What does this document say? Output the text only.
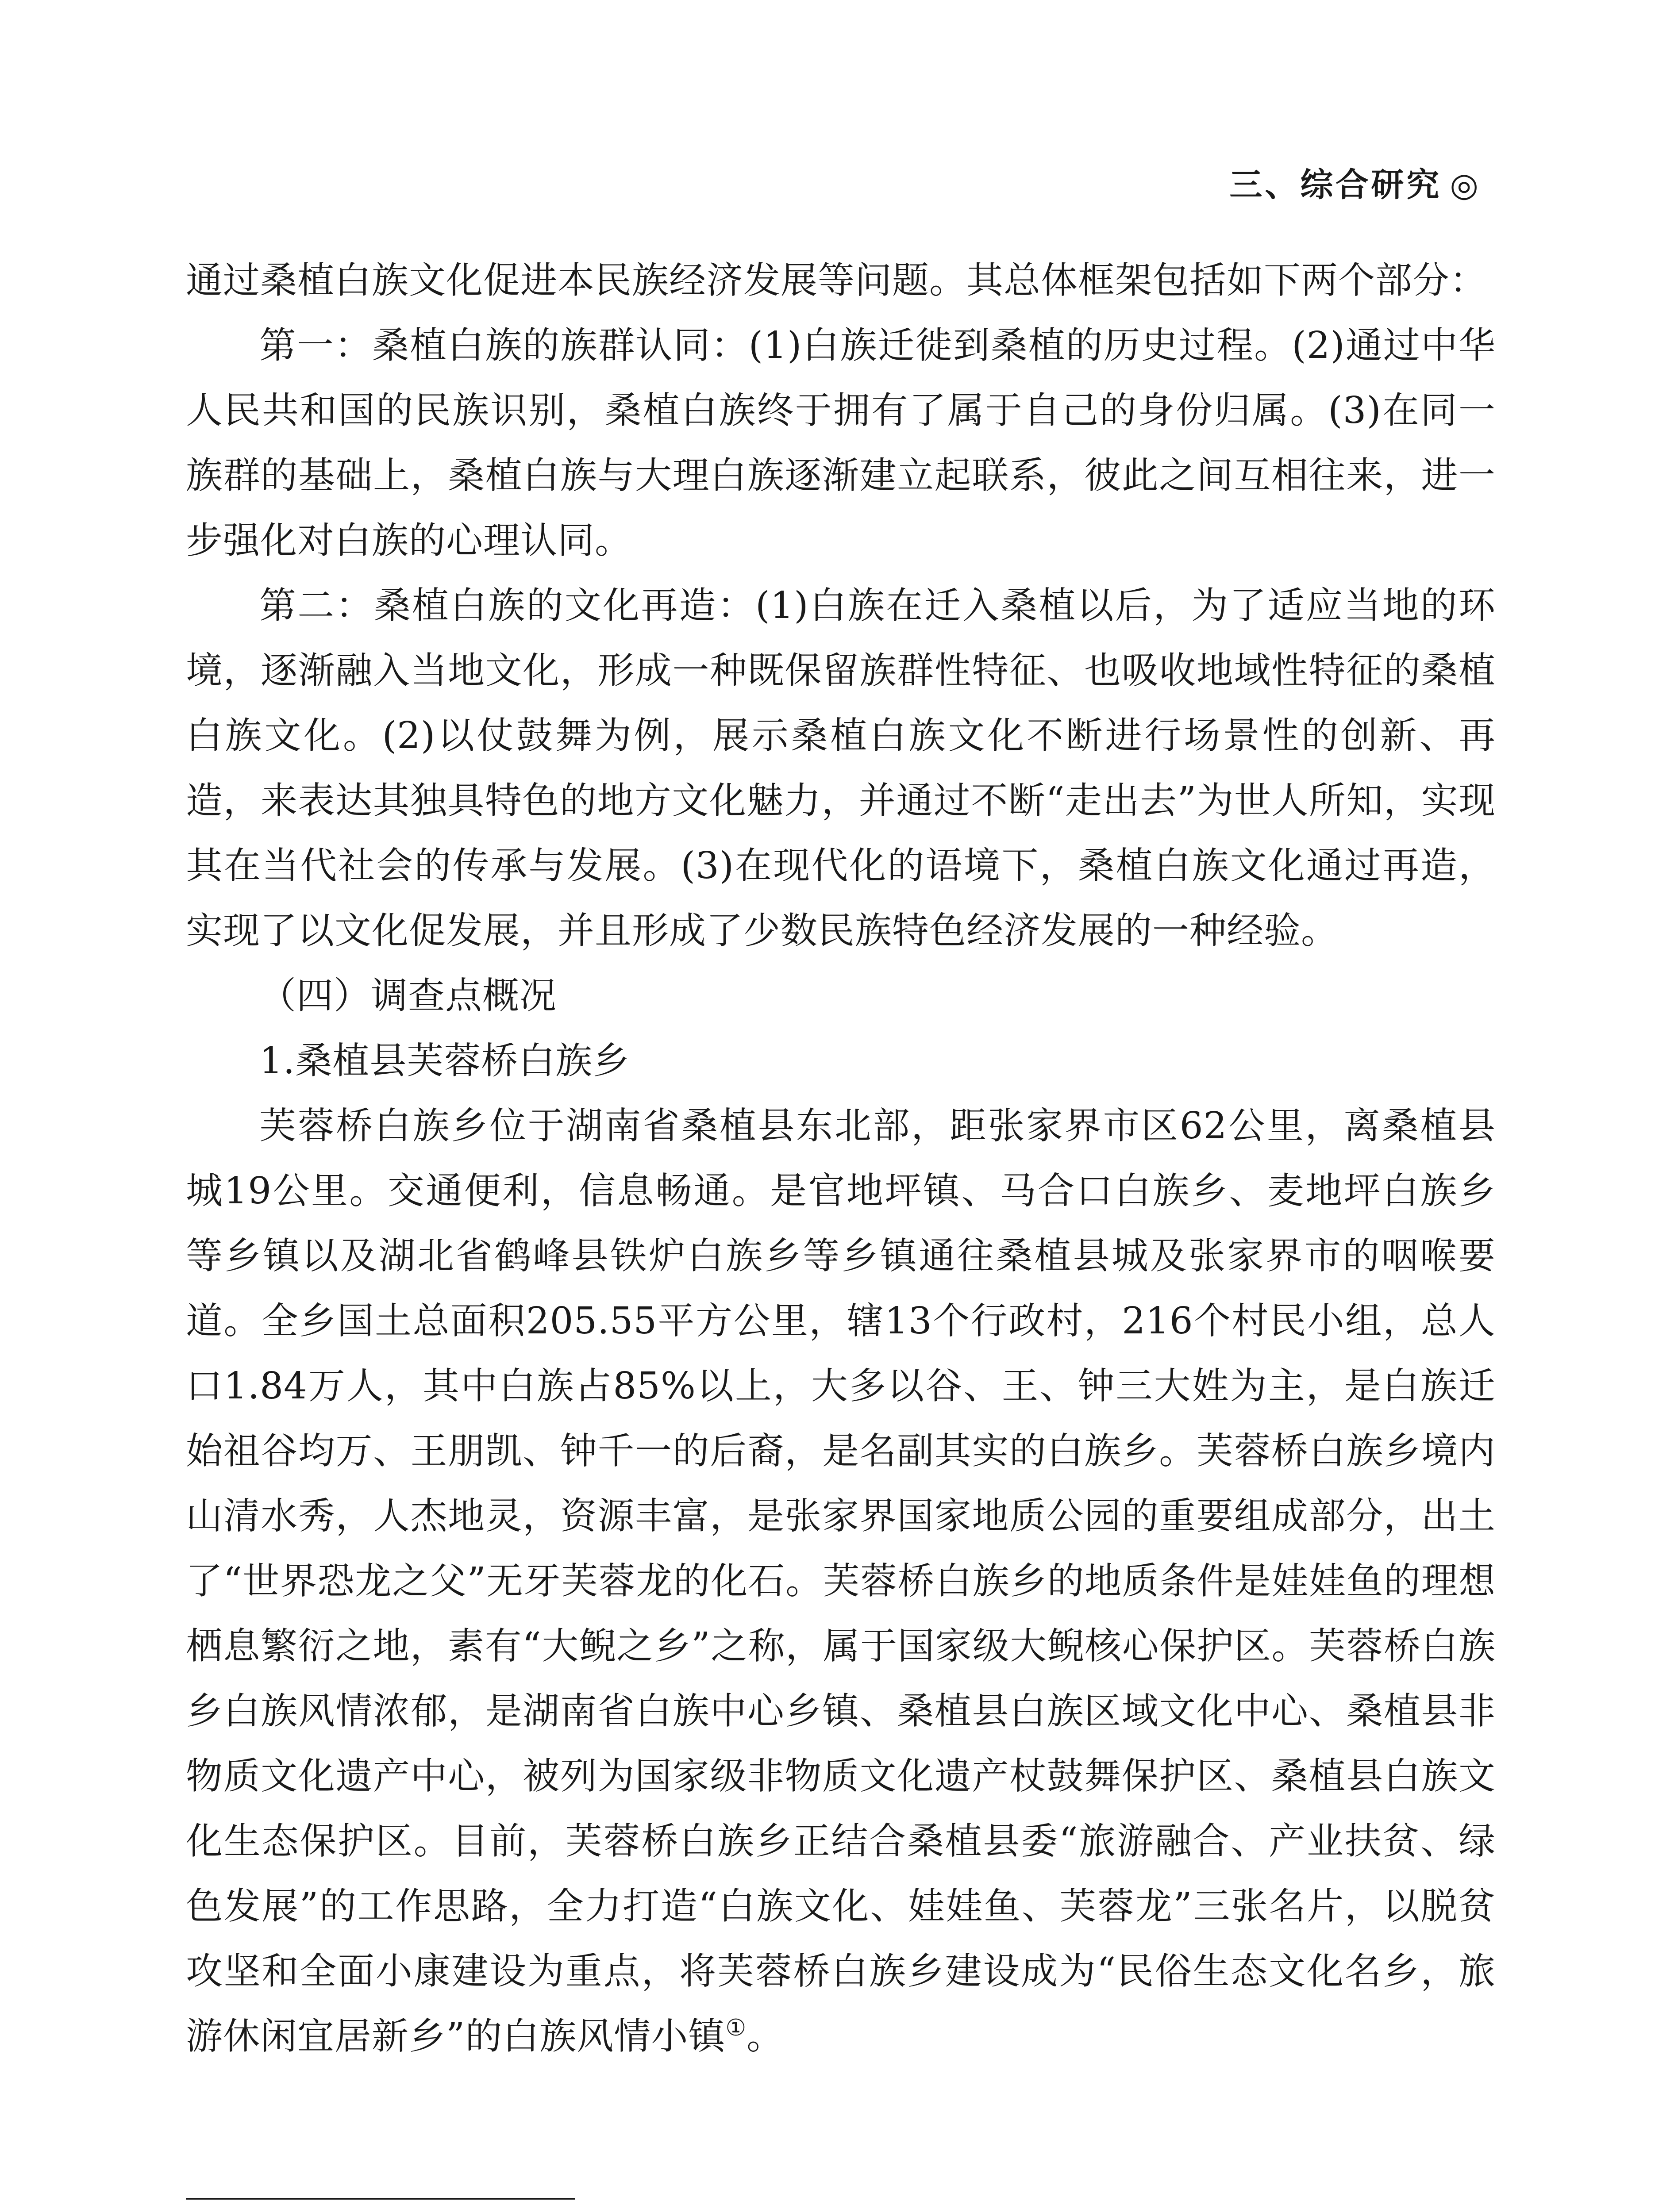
三、综合研究 ◎

通过桑植白族文化促进本民族经济发展等问题。其总体框架包括如下两个部分：

第一：桑植白族的族群认同：(1)白族迁徙到桑植的历史过程。(2)通过中华人民共和国的民族识别，桑植白族终于拥有了属于自己的身份归属。(3)在同一族群的基础上，桑植白族与大理白族逐渐建立起联系，彼此之间互相往来，进一步强化对白族的心理认同。

第二：桑植白族的文化再造：(1)白族在迁入桑植以后，为了适应当地的环境，逐渐融入当地文化，形成一种既保留族群性特征、也吸收地域性特征的桑植白族文化。(2)以仗鼓舞为例，展示桑植白族文化不断进行场景性的创新、再造，来表达其独具特色的地方文化魅力，并通过不断“走出去”为世人所知，实现其在当代社会的传承与发展。(3)在现代化的语境下，桑植白族文化通过再造，实现了以文化促发展，并且形成了少数民族特色经济发展的一种经验。

（四）调查点概况

1.桑植县芙蓉桥白族乡

芙蓉桥白族乡位于湖南省桑植县东北部，距张家界市区62公里，离桑植县城19公里。交通便利，信息畅通。是官地坪镇、马合口白族乡、麦地坪白族乡等乡镇以及湖北省鹤峰县铁炉白族乡等乡镇通往桑植县城及张家界市的咽喉要道。全乡国土总面积205.55平方公里，辖13个行政村，216个村民小组，总人口1.84万人，其中白族占85%以上，大多以谷、王、钟三大姓为主，是白族迁始祖谷均万、王朋凯、钟千一的后裔，是名副其实的白族乡。芙蓉桥白族乡境内山清水秀，人杰地灵，资源丰富，是张家界国家地质公园的重要组成部分，出土了“世界恐龙之父”无牙芙蓉龙的化石。芙蓉桥白族乡的地质条件是娃娃鱼的理想栖息繁衍之地，素有“大鲵之乡”之称，属于国家级大鲵核心保护区。芙蓉桥白族乡白族风情浓郁，是湖南省白族中心乡镇、桑植县白族区域文化中心、桑植县非物质文化遗产中心，被列为国家级非物质文化遗产杖鼓舞保护区、桑植县白族文化生态保护区。目前，芙蓉桥白族乡正结合桑植县委“旅游融合、产业扶贫、绿色发展”的工作思路，全力打造“白族文化、娃娃鱼、芙蓉龙”三张名片，以脱贫攻坚和全面小康建设为重点，将芙蓉桥白族乡建设成为“民俗生态文化名乡，旅游休闲宜居新乡”的白族风情小镇①。
